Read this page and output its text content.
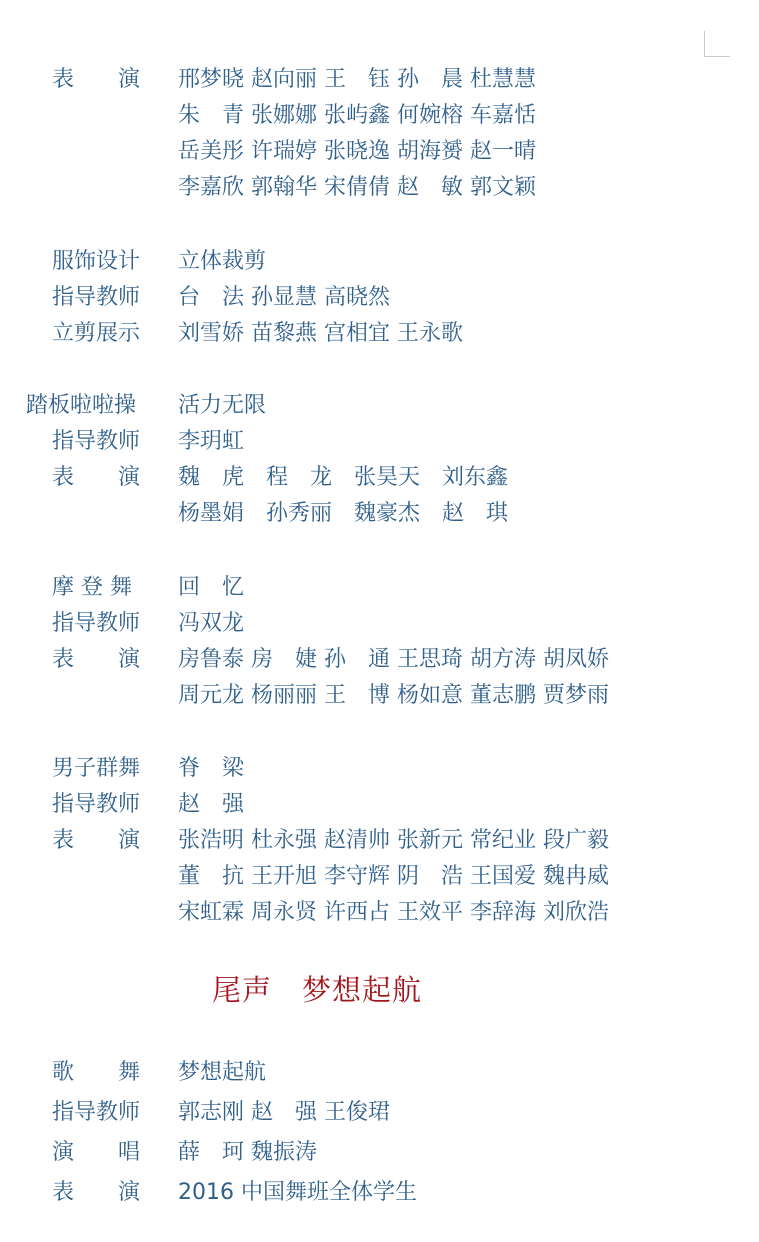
表　　演 邢梦晓 赵向丽 王　钰 孙　晨 杜慧慧
朱　青 张娜娜 张屿鑫 何婉榕 车嘉恬
岳美彤 许瑞婷 张晓逸 胡海赟 赵一晴
李嘉欣 郭翰华 宋倩倩 赵　敏 郭文颖
服饰设计 立体裁剪
指导教师 台　法 孙显慧 高晓然
立剪展示 刘雪娇 苗黎燕 宫相宜 王永歌
踏板啦啦操 活力无限
指导教师 李玥虹
表　　演 魏　虎　程　龙　张昊天　刘东鑫
杨墨娟　孙秀丽　魏豪杰　赵　琪
摩 登 舞 回　忆
指导教师 冯双龙
表　　演 房鲁泰 房　婕 孙　通 王思琦 胡方涛 胡凤娇
周元龙 杨丽丽 王　博 杨如意 董志鹏 贾梦雨
男子群舞 脊　梁
指导教师 赵　强
表　　演 张浩明 杜永强 赵清帅 张新元 常纪业 段广毅
董　抗 王开旭 李守辉 阴　浩 王国爱 魏冉威
宋虹霖 周永贤 许西占 王效平 李辞海 刘欣浩
尾声　梦想起航
歌　　舞 梦想起航
指导教师 郭志刚 赵　强 王俊珺
演　　唱 薛　珂 魏振涛
表　　演 2016 中国舞班全体学生
